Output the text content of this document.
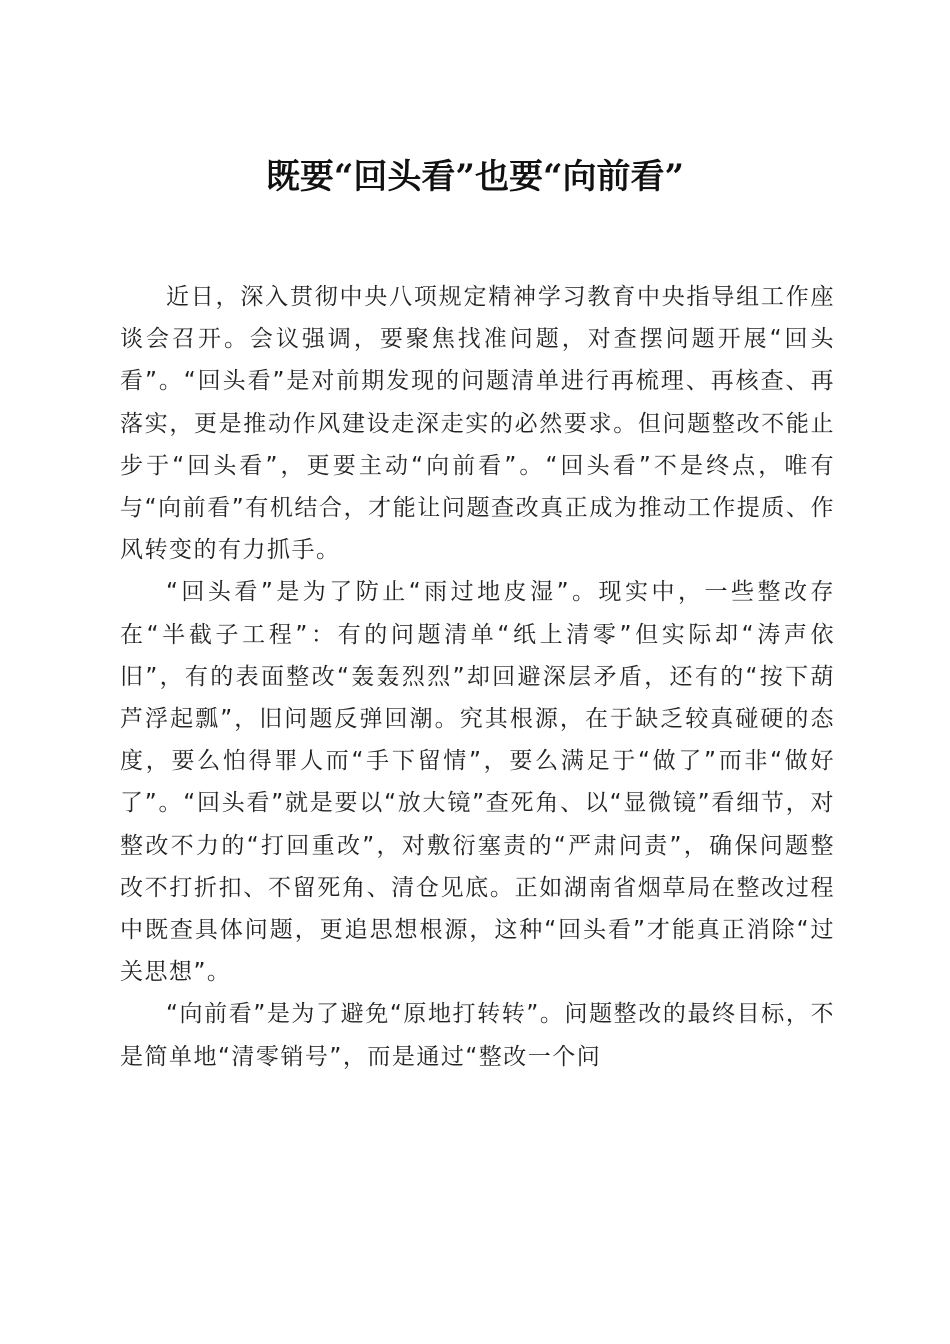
既要“回头看”也要“向前看”

近日，深入贯彻中央八项规定精神学习教育中央指导组工作座谈会召开。会议强调，要聚焦找准问题，对查摆问题开展“回头看”。“回头看”是对前期发现的问题清单进行再梳理、再核查、再落实，更是推动作风建设走深走实的必然要求。但问题整改不能止步于“回头看”，更要主动“向前看”。“回头看”不是终点，唯有与“向前看”有机结合，才能让问题查改真正成为推动工作提质、作风转变的有力抓手。

“回头看”是为了防止“雨过地皮湿”。现实中，一些整改存在“半截子工程”：有的问题清单“纸上清零”但实际却“涛声依旧”，有的表面整改“轰轰烈烈”却回避深层矛盾，还有的“按下葫芦浮起瓢”，旧问题反弹回潮。究其根源，在于缺乏较真碰硬的态度，要么怕得罪人而“手下留情”，要么满足于“做了”而非“做好了”。“回头看”就是要以“放大镜”查死角、以“显微镜”看细节，对整改不力的“打回重改”，对敷衍塞责的“严肃问责”，确保问题整改不打折扣、不留死角、清仓见底。正如湖南省烟草局在整改过程中既查具体问题，更追思想根源，这种“回头看”才能真正消除“过关思想”。

“向前看”是为了避免“原地打转转”。问题整改的最终目标，不是简单地“清零销号”，而是通过“整改一个问
